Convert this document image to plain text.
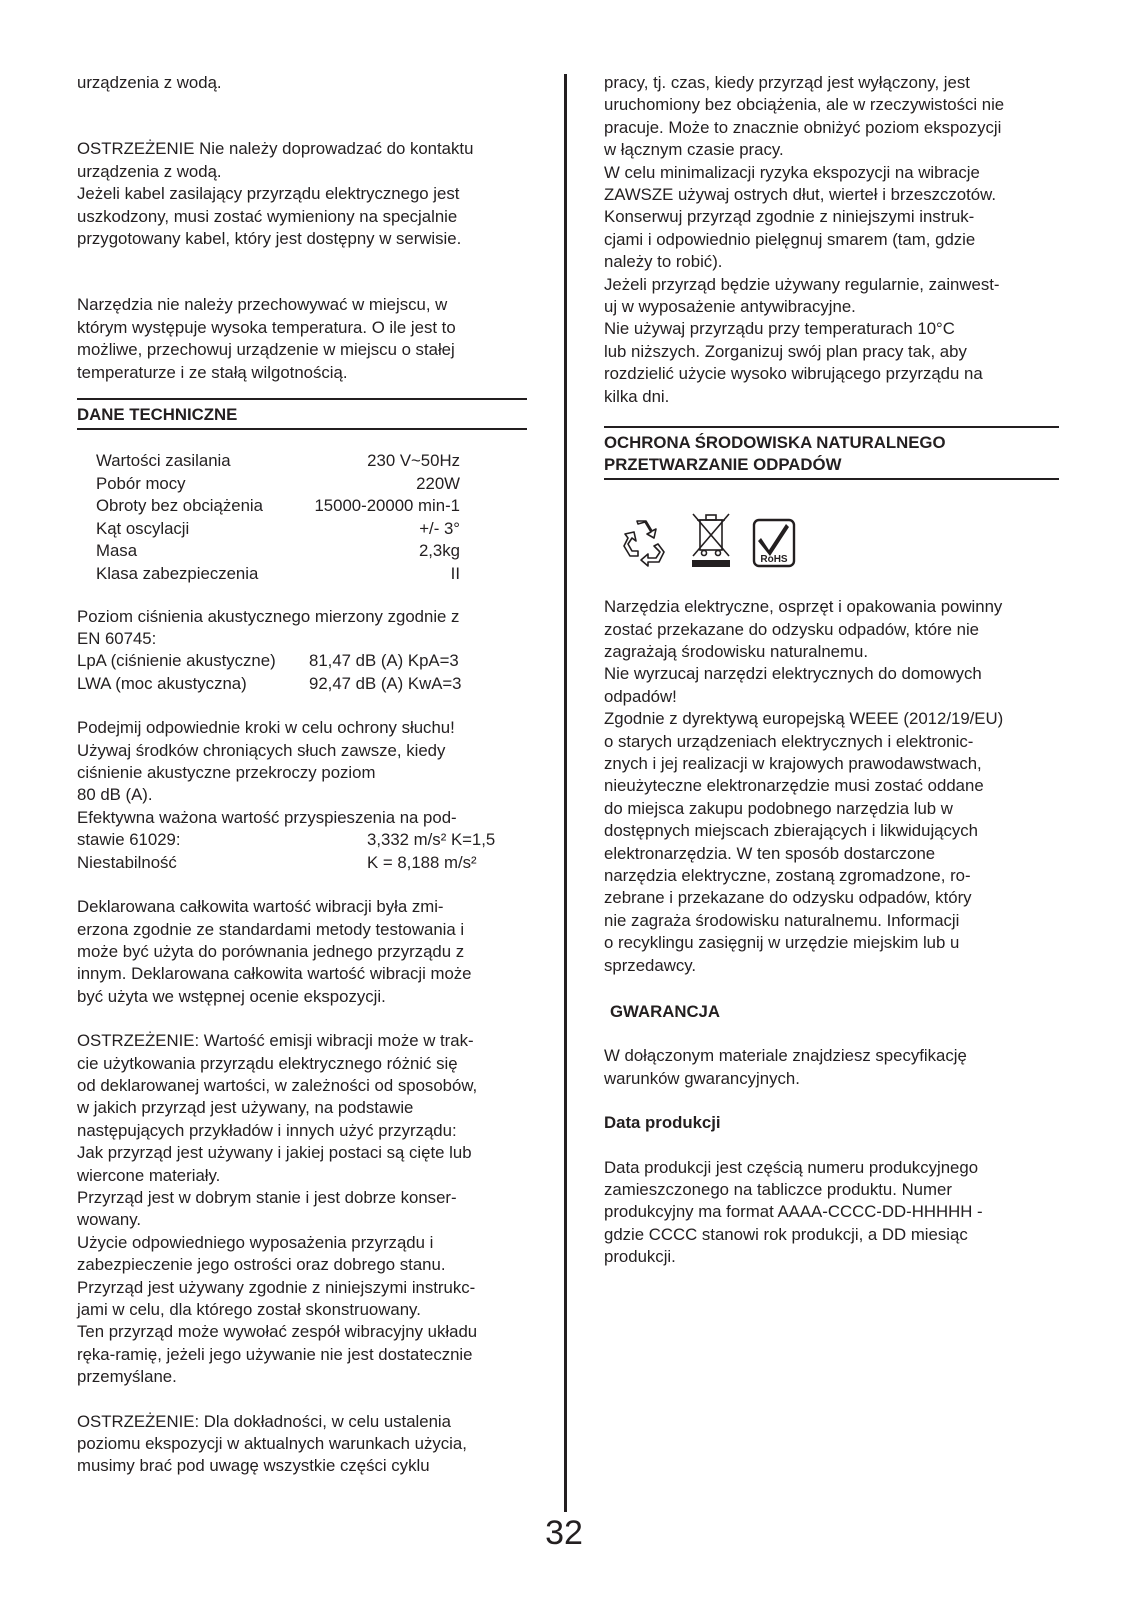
urządzenia z wodą.

OSTRZEŻENIE Nie należy doprowadzać do kontaktu
urządzenia z wodą.
Jeżeli kabel zasilający przyrządu elektrycznego jest
uszkodzony, musi zostać wymieniony na specjalnie
przygotowany kabel, który jest dostępny w serwisie.

Narzędzia nie należy przechowywać w miejscu, w
którym występuje wysoka temperatura. O ile jest to
możliwe, przechowuj urządzenie w miejscu o stałej
temperaturze i ze stałą wilgotnością.

DANE TECHNICZNE
Wartości zasilania	230 V~50Hz
Pobór mocy	220W
Obroty bez obciążenia	15000-20000 min-1
Kąt oscylacji	+/- 3°
Masa	2,3kg
Klasa zabezpieczenia	II

Poziom ciśnienia akustycznego mierzony zgodnie z
EN 60745:

LpA (ciśnienie akustyczne)	81,47 dB (A) KpA=3
LWA (moc akustyczna)	92,47 dB (A) KwA=3

Podejmij odpowiednie kroki w celu ochrony słuchu!
Używaj środków chroniących słuch zawsze, kiedy
ciśnienie akustyczne przekroczy poziom
80 dB (A).
Efektywna ważona wartość przyspieszenia na pod-

stawie 61029:	3,332 m/s² K=1,5
Niestabilność	K = 8,188 m/s²

Deklarowana całkowita wartość wibracji była zmi-
erzona zgodnie ze standardami metody testowania i
może być użyta do porównania jednego przyrządu z
innym. Deklarowana całkowita wartość wibracji może
być użyta we wstępnej ocenie ekspozycji.

OSTRZEŻENIE: Wartość emisji wibracji może w trak-
cie użytkowania przyrządu elektrycznego różnić się
od deklarowanej wartości, w zależności od sposobów,
w jakich przyrząd jest używany, na podstawie
następujących przykładów i innych użyć przyrządu:
Jak przyrząd jest używany i jakiej postaci są cięte lub
wiercone materiały.
Przyrząd jest w dobrym stanie i jest dobrze konser-
wowany.
Użycie odpowiedniego wyposażenia przyrządu i
zabezpieczenie jego ostrości oraz dobrego stanu.
Przyrząd jest używany zgodnie z niniejszymi instrukc-
jami w celu, dla którego został skonstruowany.
Ten przyrząd może wywołać zespół wibracyjny układu
ręka-ramię, jeżeli jego używanie nie jest dostatecznie
przemyślane.

OSTRZEŻENIE: Dla dokładności, w celu ustalenia
poziomu ekspozycji w aktualnych warunkach użycia,
musimy brać pod uwagę wszystkie części cyklu

pracy, tj. czas, kiedy przyrząd jest wyłączony, jest
uruchomiony bez obciążenia, ale w rzeczywistości nie
pracuje. Może to znacznie obniżyć poziom ekspozycji
w łącznym czasie pracy.
W celu minimalizacji ryzyka ekspozycji na wibracje
ZAWSZE używaj ostrych dłut, wierteł i brzeszczotów.
Konserwuj przyrząd zgodnie z niniejszymi instruk-
cjami i odpowiednio pielęgnuj smarem (tam, gdzie
należy to robić).
Jeżeli przyrząd będzie używany regularnie, zainwest-
uj w wyposażenie antywibracyjne.
Nie używaj przyrządu przy temperaturach 10°C
lub niższych. Zorganizuj swój plan pracy tak, aby
rozdzielić użycie wysoko wibrującego przyrządu na
kilka dni.

OCHRONA ŚRODOWISKA NATURALNEGO
PRZETWARZANIE ODPADÓW
RoHS

Narzędzia elektryczne, osprzęt i opakowania powinny
zostać przekazane do odzysku odpadów, które nie
zagrażają środowisku naturalnemu.
Nie wyrzucaj narzędzi elektrycznych do domowych
odpadów!
Zgodnie z dyrektywą europejską WEEE (2012/19/EU)
o starych urządzeniach elektrycznych i elektronic-
znych i jej realizacji w krajowych prawodawstwach,
nieużyteczne elektronarzędzie musi zostać oddane
do miejsca zakupu podobnego narzędzia lub w
dostępnych miejscach zbierających i likwidujących
elektronarzędzia. W ten sposób dostarczone
narzędzia elektryczne, zostaną zgromadzone, ro-
zebrane i przekazane do odzysku odpadów, który
nie zagraża środowisku naturalnemu. Informacji
o recyklingu zasięgnij w urzędzie miejskim lub u
sprzedawcy.

GWARANCJA

W dołączonym materiale znajdziesz specyfikację
warunków gwarancyjnych.

Data produkcji

Data produkcji jest częścią numeru produkcyjnego
zamieszczonego na tabliczce produktu. Numer
produkcyjny ma format AAAA-CCCC-DD-HHHHH -
gdzie CCCC stanowi rok produkcji, a DD miesiąc
produkcji.

32
